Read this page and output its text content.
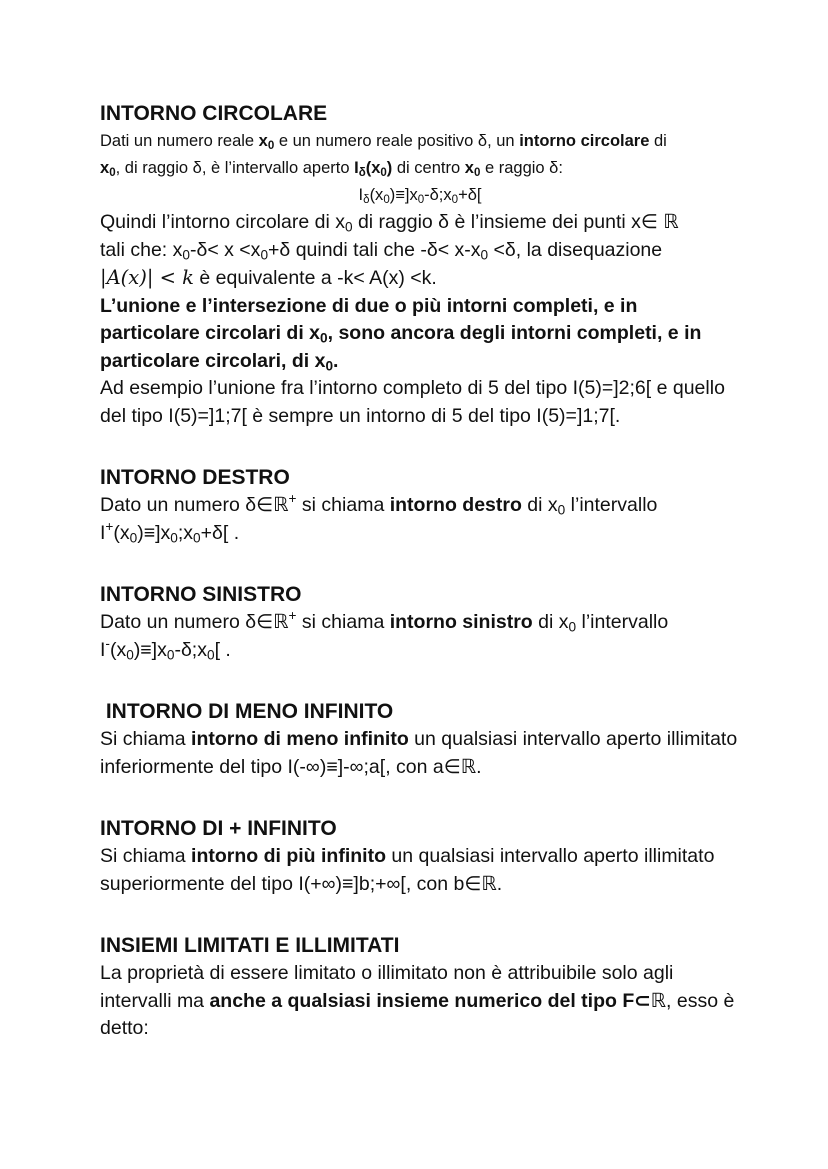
INTORNO CIRCOLARE

Dati un numero reale $x_0$ e un numero reale positivo δ, un intorno circolare di

$x_0$, di raggio δ, è l’intervallo aperto $I_\delta(x_0)$ di centro $x_0$ e raggio δ:

$I_\delta(x_0)\equiv]x_0-\delta;x_0+\delta$[

Quindi l’intorno circolare di $x_0$ di raggio δ è l’insieme dei punti x∈ ℝ

tali che: $x_0-\delta< x <x_0+\delta$ quindi tali che $-\delta< x-x_0 <\delta$, la disequazione

|A(x)| < k è equivalente a -k< A(x) <k.

L’unione e l’intersezione di due o più intorni completi, e in particolare circolari di $x_0$, sono ancora degli intorni completi, e in particolare circolari, di $x_0$.

Ad esempio l’unione fra l’intorno completo di 5 del tipo I(5)=]2;6[ e quello del tipo I(5)=]1;7[ è sempre un intorno di 5 del tipo I(5)=]1;7[.

INTORNO DESTRO

Dato un numero δ∈ℝ+ si chiama intorno destro di $x_0$ l’intervallo

$I^+(x_0)\equiv]x_0;x_0+\delta$[ .

INTORNO SINISTRO

Dato un numero δ∈ℝ+ si chiama intorno sinistro di $x_0$ l’intervallo

$I^-(x_0)\equiv]x_0-\delta;x_0$[ .

INTORNO DI MENO INFINITO

Si chiama intorno di meno infinito un qualsiasi intervallo aperto illimitato inferiormente del tipo I(-∞)≡]-∞;a[, con a∈ℝ.

INTORNO DI + INFINITO

Si chiama intorno di più infinito un qualsiasi intervallo aperto illimitato superiormente del tipo I(+∞)≡]b;+∞[, con b∈ℝ.

INSIEMI LIMITATI E ILLIMITATI

La proprietà di essere limitato o illimitato non è attribuibile solo agli intervalli ma anche a qualsiasi insieme numerico del tipo F⊂ℝ, esso è detto:
